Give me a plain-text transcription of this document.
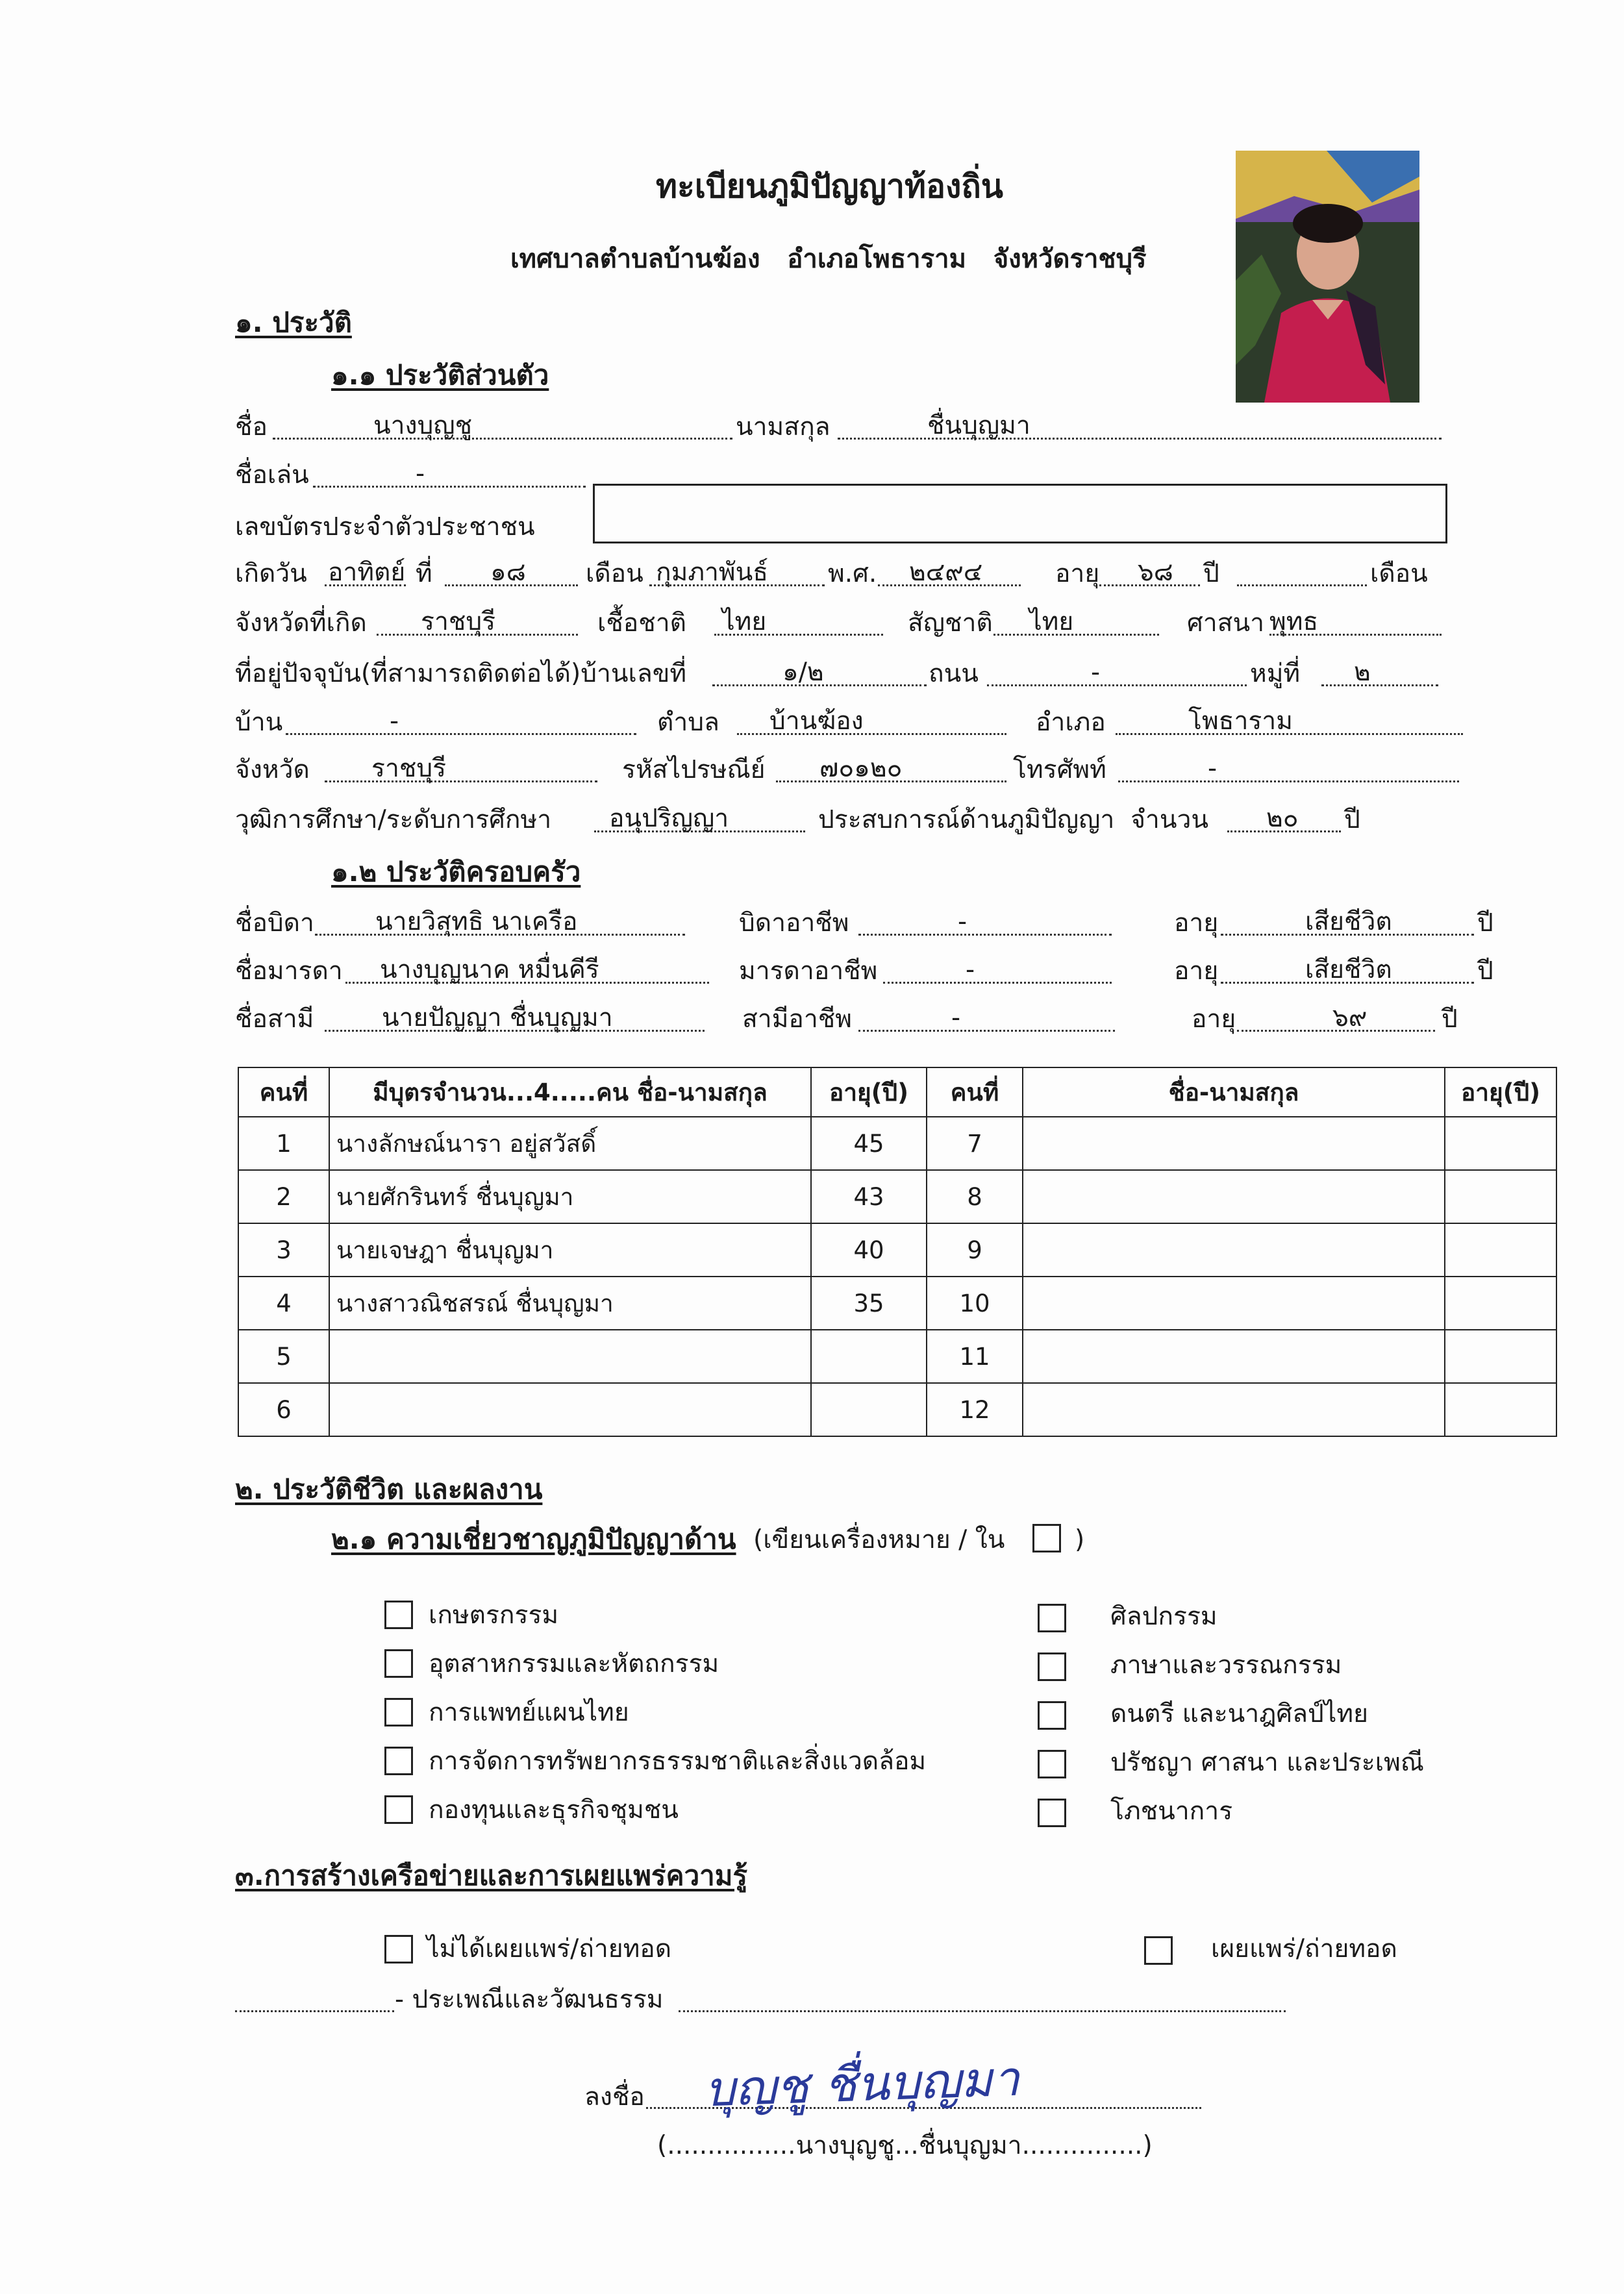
ทะเบียนภูมิปัญญาท้องถิ่น
เทศบาลตำบลบ้านฆ้อง   อำเภอโพธาราม   จังหวัดราชบุรี
๑. ประวัติ
๑.๑ ประวัติส่วนตัว
ชื่อ	นางบุญชู	นามสกุล	ชื่นบุญมา
ชื่อเล่น	-
เลขบัตรประจำตัวประชาชน
เกิดวัน อาทิตย์ ที่ ๑๘ เดือน กุมภาพันธ์ พ.ศ. ๒๔๙๔	อายุ ๖๘ ปี	เดือน
จังหวัดที่เกิด ราชบุรี	เชื้อชาติ ไทย	สัญชาติ ไทย	ศาสนา พุทธ
ที่อยู่ปัจจุบัน(ที่สามารถติดต่อได้)บ้านเลขที่	๑/๒	ถนน	-	หมู่ที่ ๒
บ้าน	-	ตำบล บ้านฆ้อง	อำเภอ	โพธาราม
จังหวัด ราชบุรี	รหัสไปรษณีย์ ๗๐๑๒๐	โทรศัพท์	-
วุฒิการศึกษา/ระดับการศึกษา อนุปริญญา	ประสบการณ์ด้านภูมิปัญญา  จำนวน ๒๐ ปี
๑.๒ ประวัติครอบครัว
ชื่อบิดา นายวิสุทธิ นาเครือ	บิดาอาชีพ	-	อายุ	เสียชีวิต	ปี
ชื่อมารดา นางบุญนาค หมื่นคีรี	มารดาอาชีพ	-	อายุ	เสียชีวิต	ปี
ชื่อสามี	นายปัญญา ชื่นบุญมา	สามีอาชีพ	-	อายุ	๖๙	ปี
คนที่	มีบุตรจำนวน...4.....คน ชื่อ-นามสกุล	อายุ(ปี)	คนที่	ชื่อ-นามสกุล	อายุ(ปี)
1	นางลักษณ์นารา อยู่สวัสดิ์	45	7		
2	นายศักรินทร์ ชื่นบุญมา	43	8		
3	นายเจษฎา ชื่นบุญมา	40	9		
4	นางสาวณิชสรณ์ ชื่นบุญมา	35	10		
5			11		
6			12		
๒. ประวัติชีวิต และผลงาน
๒.๑ ความเชี่ยวชาญภูมิปัญญาด้าน (เขียนเครื่องหมาย / ใน	)
เกษตรกรรม
อุตสาหกรรมและหัตถกรรม
การแพทย์แผนไทย
การจัดการทรัพยากรธรรมชาติและสิ่งแวดล้อม
กองทุนและธุรกิจชุมชน
ศิลปกรรม
ภาษาและวรรณกรรม
ดนตรี และนาฎศิลป์ไทย
ปรัชญา ศาสนา และประเพณี
โภชนาการ
๓.การสร้างเครือข่ายและการเผยแพร่ความรู้
ไม่ได้เผยแพร่/ถ่ายทอด	เผยแพร่/ถ่ายทอด
- ประเพณีและวัฒนธรรม
ลงชื่อ บุญชู ชื่นบุญมา
(................นางบุญชู...ชื่นบุญมา...............)
